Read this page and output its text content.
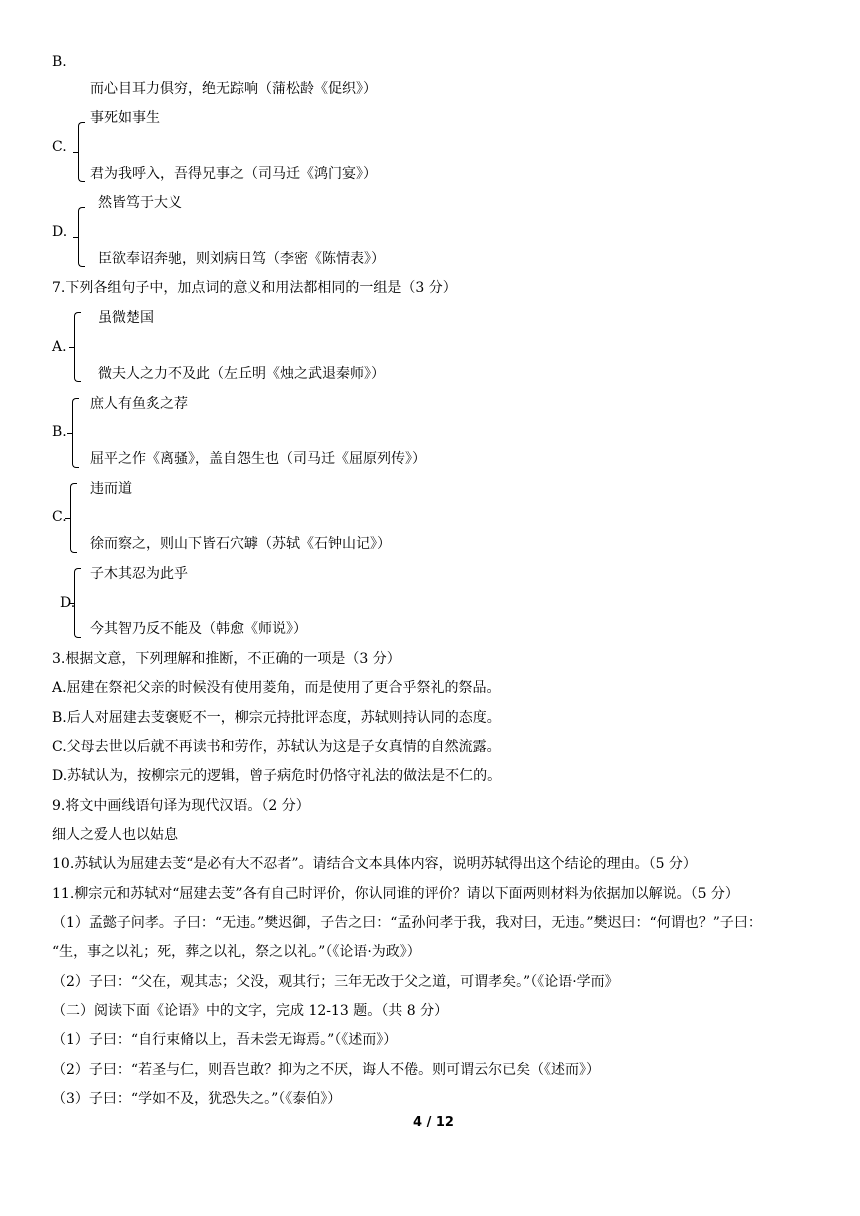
B.
而心目耳力俱穷，绝无踪响（蒲松龄《促织》）
C.
事死如事生
君为我呼入，吾得兄事之（司马迁《鸿门宴》）
D.
然皆笃于大义
臣欲奉诏奔驰，则刘病日笃（李密《陈情表》）
7.下列各组句子中，加点词的意义和用法都相同的一组是（3 分）
A.
虽微楚国
微夫人之力不及此（左丘明《烛之武退秦师》）
B.
庶人有鱼炙之荐
屈平之作《离骚》，盖自怨生也（司马迁《屈原列传》）
C.
违而道
徐而察之，则山下皆石穴罅（苏轼《石钟山记》）
D.
子木其忍为此乎
今其智乃反不能及（韩愈《师说》）
3.根据文意，下列理解和推断，不正确的一项是（3 分）
A.屈建在祭祀父亲的时候没有使用菱角，而是使用了更合乎祭礼的祭品。
B.后人对屈建去芰褒贬不一，柳宗元持批评态度，苏轼则持认同的态度。
C.父母去世以后就不再读书和劳作，苏轼认为这是子女真情的自然流露。
D.苏轼认为，按柳宗元的逻辑，曾子病危时仍恪守礼法的做法是不仁的。
9.将文中画线语句译为现代汉语。（2 分）
细人之爱人也以姑息
10.苏轼认为屈建去芰“是必有大不忍者”。请结合文本具体内容，说明苏轼得出这个结论的理由。（5 分）
11.柳宗元和苏轼对“屈建去芰”各有自己时评价，你认同谁的评价？请以下面两则材料为依据加以解说。（5 分）
（1）孟懿子问孝。子曰：“无违。”樊迟御，子告之曰：“孟孙问孝于我，我对曰，无违。”樊迟曰：“何谓也？”子曰：
“生，事之以礼；死，葬之以礼，祭之以礼。”（《论语·为政》）
（2）子曰：“父在，观其志；父没，观其行；三年无改于父之道，可谓孝矣。”（《论语·学而》
（二）阅读下面《论语》中的文字，完成 12-13 题。（共 8 分）
（1）子曰：“自行束脩以上，吾未尝无诲焉。”（《述而》）
（2）子曰：“若圣与仁，则吾岂敢？抑为之不厌，诲人不倦。则可谓云尔已矣（《述而》）
（3）子曰：“学如不及，犹恐失之。”（《泰伯》）
4 / 12
